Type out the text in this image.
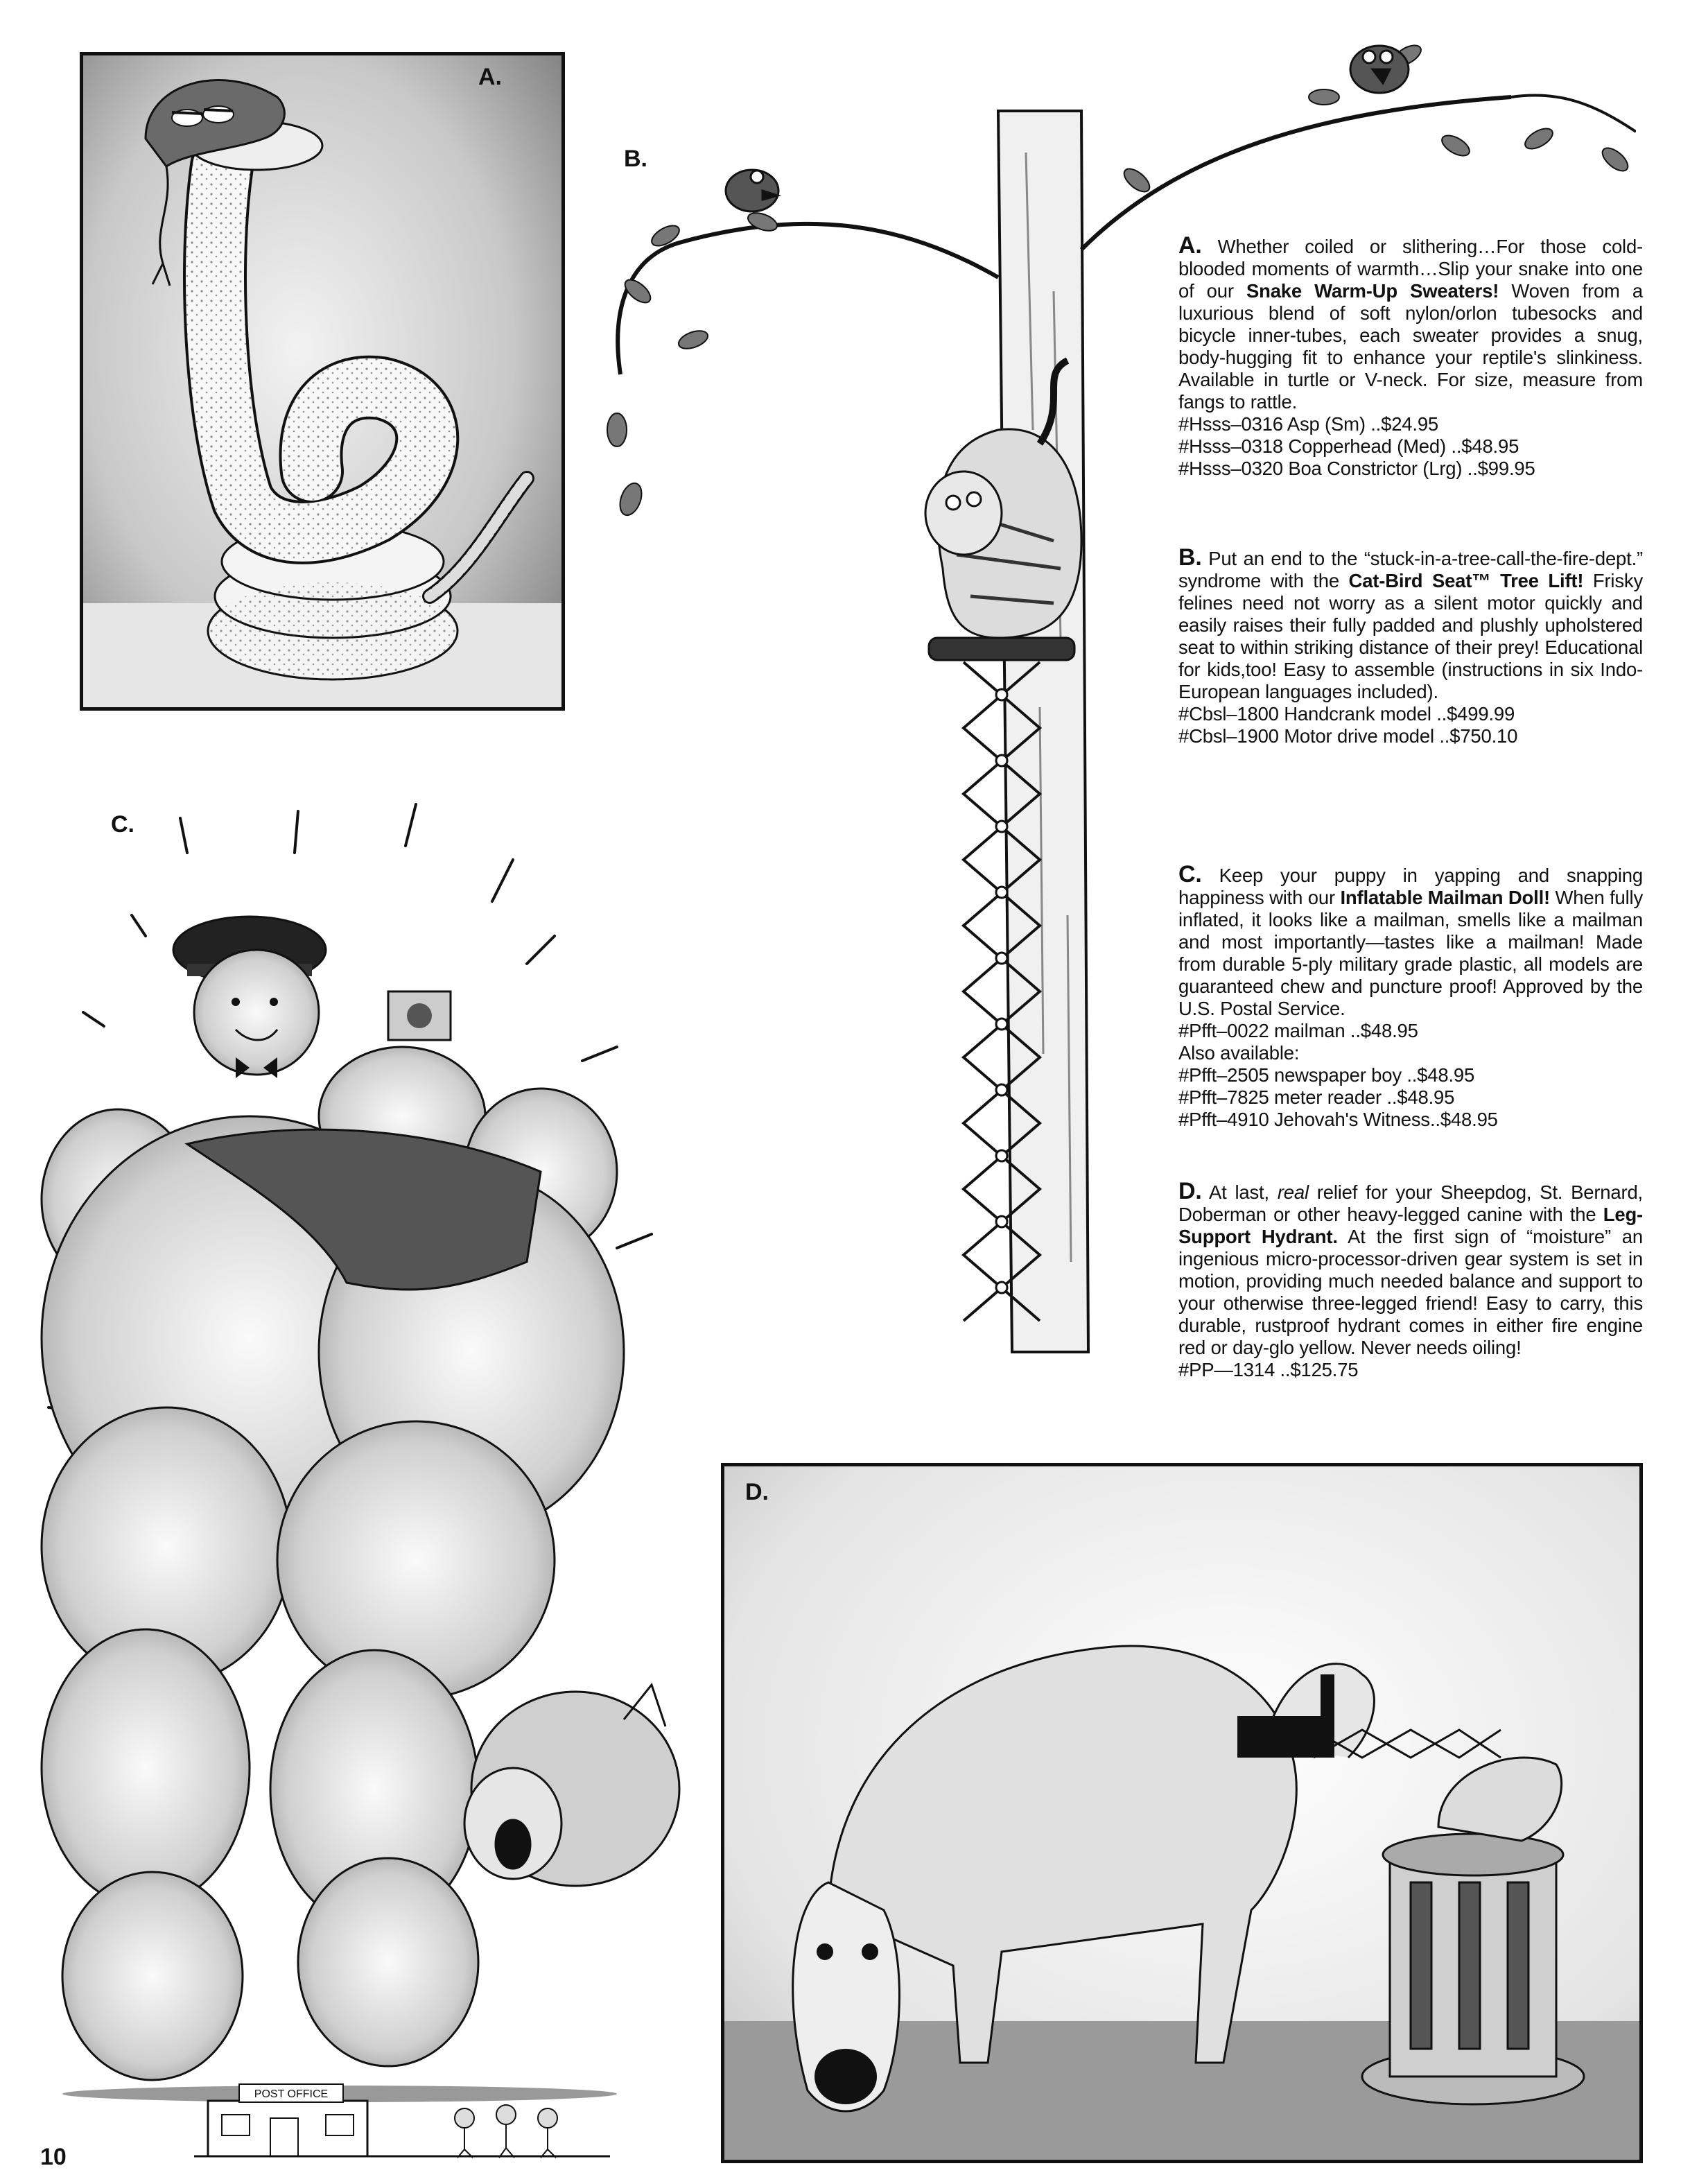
A.
B.

A. Whether coiled or slithering…For those cold-blooded moments of warmth…Slip your snake into one of our Snake Warm-Up Sweaters! Woven from a luxurious blend of soft nylon/orlon tubesocks and bicycle inner-tubes, each sweater provides a snug, body-hugging fit to enhance your reptile's slinkiness. Available in turtle or V-neck. For size, measure from fangs to rattle.

#Hsss–0316 Asp (Sm) ..$24.95

#Hsss–0318 Copperhead (Med) ..$48.95

#Hsss–0320 Boa Constrictor (Lrg) ..$99.95

B. Put an end to the “stuck-in-a-tree-call-the-fire-dept.” syndrome with the Cat-Bird Seat™ Tree Lift! Frisky felines need not worry as a silent motor quickly and easily raises their fully padded and plushly upholstered seat to within striking distance of their prey! Educational for kids,too! Easy to assemble (instructions in six Indo-European languages included).

#Cbsl–1800 Handcrank model ..$499.99

#Cbsl–1900 Motor drive model ..$750.10

C. Keep your puppy in yapping and snapping happiness with our Inflatable Mailman Doll! When fully inflated, it looks like a mailman, smells like a mailman and most importantly—tastes like a mailman! Made from durable 5-ply military grade plastic, all models are guaranteed chew and puncture proof! Approved by the U.S. Postal Service.

#Pfft–0022 mailman ..$48.95

Also available:

#Pfft–2505 newspaper boy ..$48.95

#Pfft–7825 meter reader ..$48.95

#Pfft–4910 Jehovah's Witness..$48.95

D. At last, real relief for your Sheepdog, St. Bernard, Doberman or other heavy-legged canine with the Leg-Support Hydrant. At the first sign of “moisture” an ingenious micro-processor-driven gear system is set in motion, providing much needed balance and support to your otherwise three-legged friend! Easy to carry, this durable, rustproof hydrant comes in either fire engine red or day-glo yellow. Never needs oiling!

#PP—1314 ..$125.75

C.
POST OFFICE
D.
10
